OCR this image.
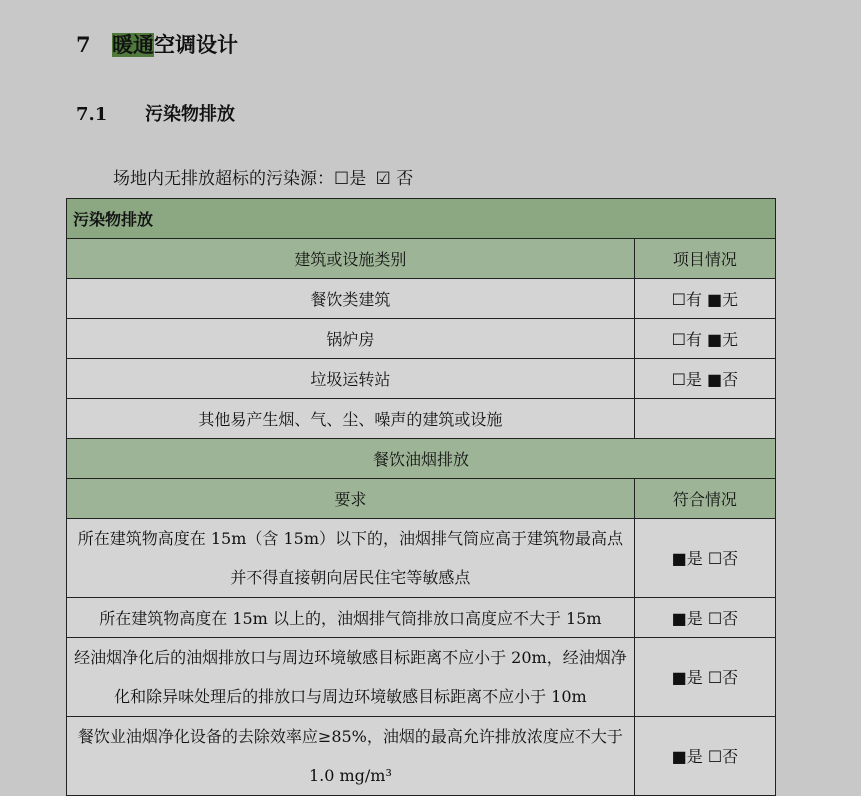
7 暖通空调设计
7.1 污染物排放
场地内无排放超标的污染源：☐是 ☑ 否
污染物排放	
建筑或设施类别	项目情况
餐饮类建筑	☐有 ■无
锅炉房	☐有 ■无
垃圾运转站	☐是 ■否
其他易产生烟、气、尘、噪声的建筑或设施	
餐饮油烟排放	
要求	符合情况
所在建筑物高度在 15m（含 15m）以下的，油烟排气筒应高于建筑物最高点并不得直接朝向居民住宅等敏感点	■是 ☐否
所在建筑物高度在 15m 以上的，油烟排气筒排放口高度应不大于 15m	■是 ☐否
经油烟净化后的油烟排放口与周边环境敏感目标距离不应小于 20m，经油烟净化和除异味处理后的排放口与周边环境敏感目标距离不应小于 10m	■是 ☐否
餐饮业油烟净化设备的去除效率应≥85%，油烟的最高允许排放浓度应不大于 1.0 mg/m³	■是 ☐否
